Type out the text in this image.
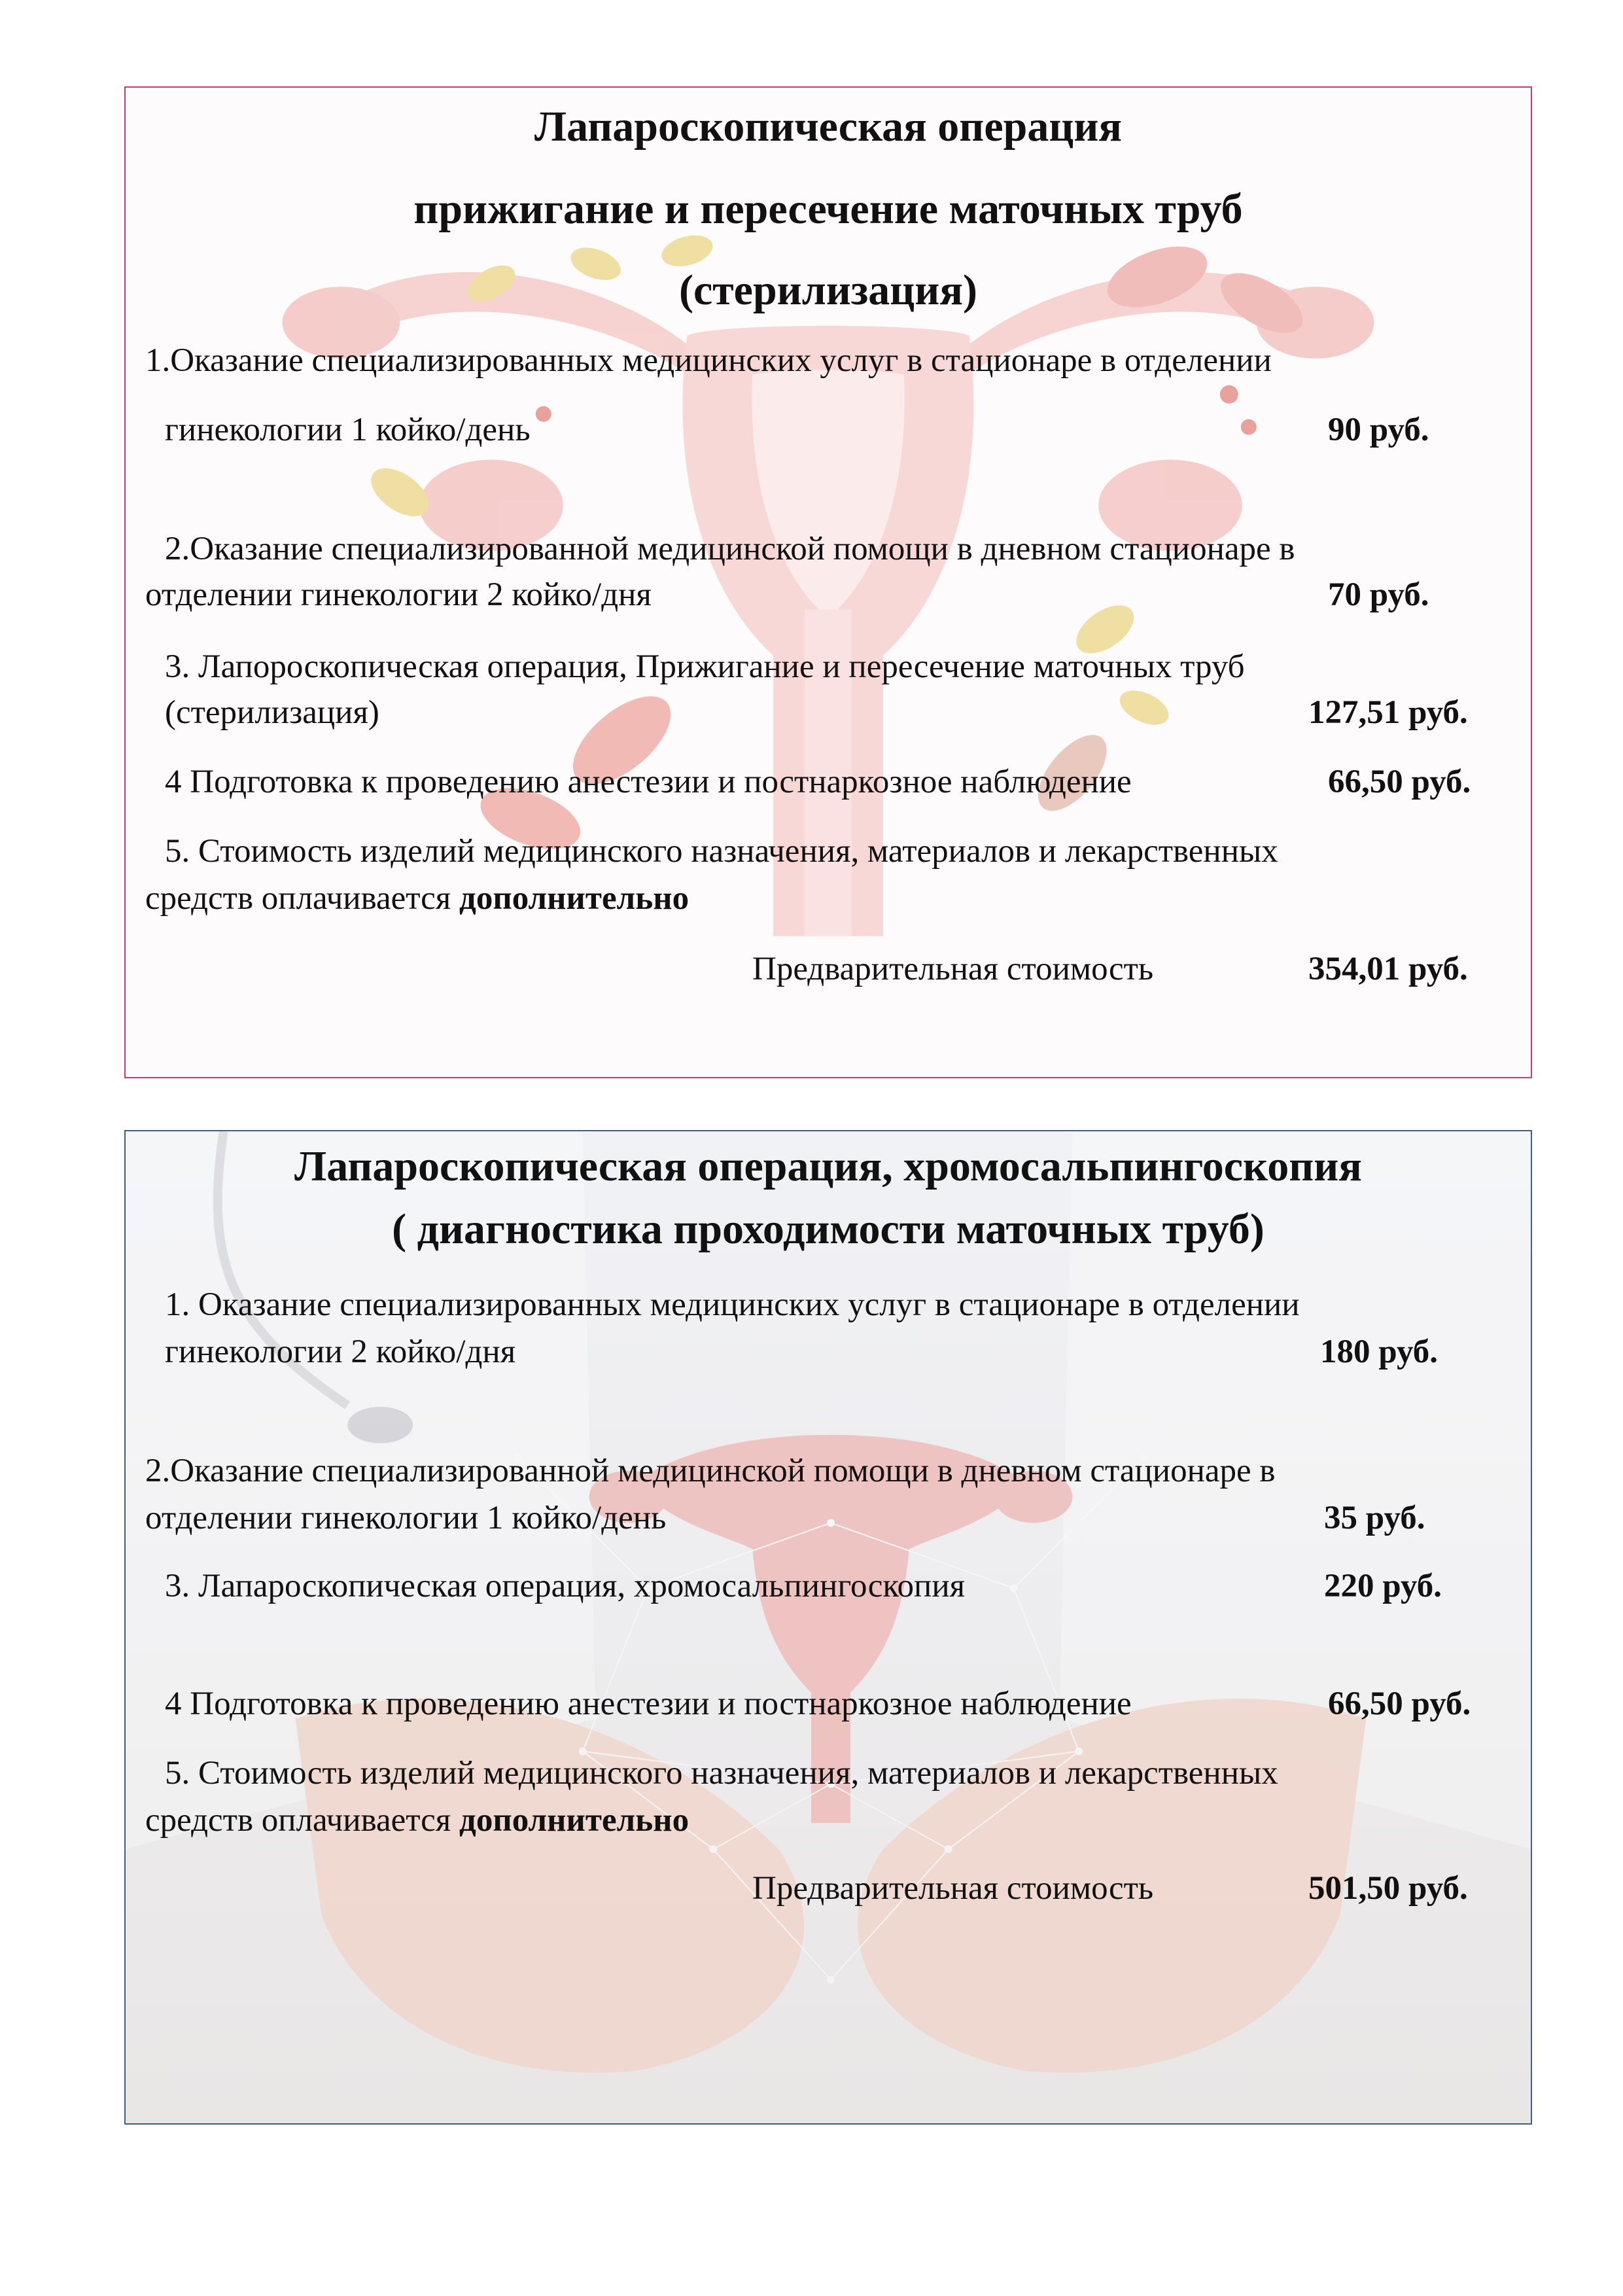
Лапароскопическая операция
прижигание и пересечение маточных труб
(стерилизация)
1.Оказание специализированных медицинских услуг в стационаре в отделении
гинекологии 1 койко/день	90 руб.
2.Оказание специализированной медицинской помощи в дневном стационаре в
отделении гинекологии 2 койко/дня	70 руб.
3. Лапороскопическая операция, Прижигание и пересечение маточных труб
(стерилизация)	127,51 руб.
4 Подготовка к проведению анестезии и постнаркозное наблюдение	66,50 руб.
5. Стоимость изделий медицинского назначения, материалов и лекарственных
средств оплачивается дополнительно
Предварительная стоимость	354,01 руб.
Лапароскопическая операция, хромосальпингоскопия
( диагностика проходимости маточных труб)
1. Оказание специализированных медицинских услуг в стационаре в отделении
гинекологии 2 койко/дня	180 руб.
2.Оказание специализированной медицинской помощи в дневном стационаре в
отделении гинекологии 1 койко/день	35 руб.
3. Лапароскопическая операция, хромосальпингоскопия	220 руб.
4 Подготовка к проведению анестезии и постнаркозное наблюдение	66,50 руб.
5. Стоимость изделий медицинского назначения, материалов и лекарственных
средств оплачивается дополнительно
Предварительная стоимость	501,50 руб.
